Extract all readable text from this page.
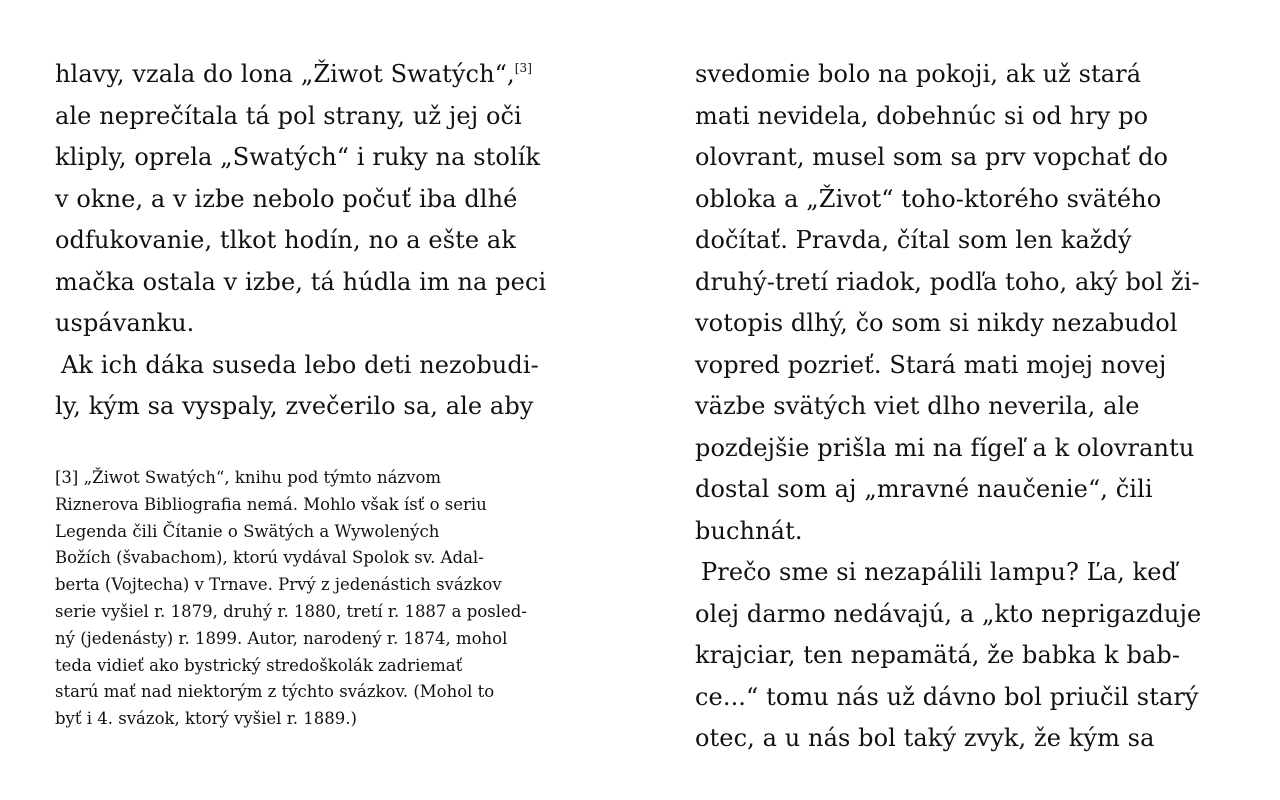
hlavy, vzala do lona „Žiwot Swatých“,[3]
ale neprečítala tá pol strany, už jej oči
kliply, oprela „Swatých“ i ruky na stolík
v okne, a v izbe nebolo počuť iba dlhé
odfukovanie, tlkot hodín, no a ešte ak
mačka ostala v izbe, tá húdla im na peci
uspávanku.
Ak ich dáka suseda lebo deti nezobudi-
ly, kým sa vyspaly, zvečerilo sa, ale aby
[3] „Žiwot Swatých“, knihu pod týmto názvom
Riznerova Bibliografia nemá. Mohlo však ísť o seriu
Legenda čili Čítanie o Swätých a Wywolených
Božích (švabachom), ktorú vydával Spolok sv. Adal-
berta (Vojtecha) v Trnave. Prvý z jedenástich svázkov
serie vyšiel r. 1879, druhý r. 1880, tretí r. 1887 a posled-
ný (jedenásty) r. 1899. Autor, narodený r. 1874, mohol
teda vidieť ako bystrický stredoškolák zadriemať
starú mať nad niektorým z týchto svázkov. (Mohol to
byť i 4. svázok, ktorý vyšiel r. 1889.)
svedomie bolo na pokoji, ak už stará
mati nevidela, dobehnúc si od hry po
olovrant, musel som sa prv vopchať do
obloka a „Život“ toho-ktorého svätého
dočítať. Pravda, čítal som len každý
druhý-tretí riadok, podľa toho, aký bol ži-
votopis dlhý, čo som si nikdy nezabudol
vopred pozrieť. Stará mati mojej novej
väzbe svätých viet dlho neverila, ale
pozdejšie prišla mi na fígeľ a k olovrantu
dostal som aj „mravné naučenie“, čili
buchnát.
Prečo sme si nezapálili lampu? Ľa, keď
olej darmo nedávajú, a „kto neprigazduje
krajciar, ten nepamätá, že babka k bab-
ce...“ tomu nás už dávno bol priučil starý
otec, a u nás bol taký zvyk, že kým sa
